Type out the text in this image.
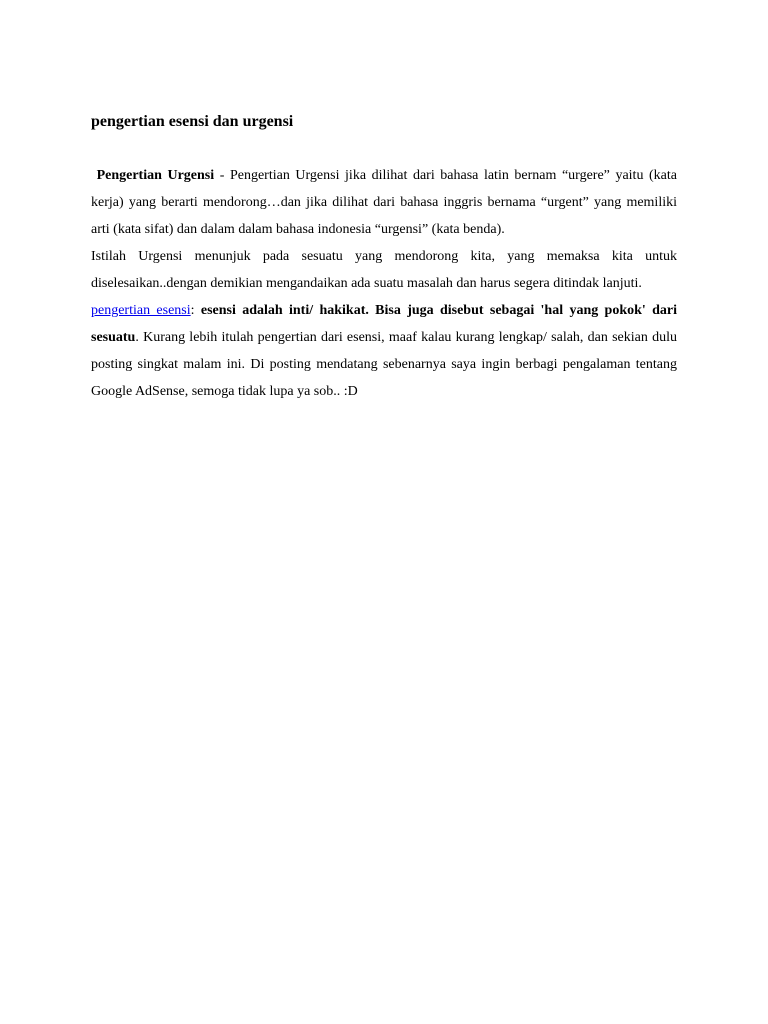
pengertian esensi dan urgensi

Pengertian Urgensi - Pengertian Urgensi jika dilihat dari bahasa latin bernam “urgere” yaitu (kata kerja) yang berarti mendorong…dan jika dilihat dari bahasa inggris bernama “urgent” yang memiliki arti (kata sifat) dan dalam dalam bahasa indonesia “urgensi” (kata benda).

Istilah Urgensi menunjuk pada sesuatu yang mendorong kita, yang memaksa kita untuk diselesaikan..dengan demikian mengandaikan ada suatu masalah dan harus segera ditindak lanjuti.

pengertian esensi: esensi adalah inti/ hakikat. Bisa juga disebut sebagai 'hal yang pokok' dari sesuatu. Kurang lebih itulah pengertian dari esensi, maaf kalau kurang lengkap/ salah, dan sekian dulu posting singkat malam ini. Di posting mendatang sebenarnya saya ingin berbagi pengalaman tentang Google AdSense, semoga tidak lupa ya sob.. :D
